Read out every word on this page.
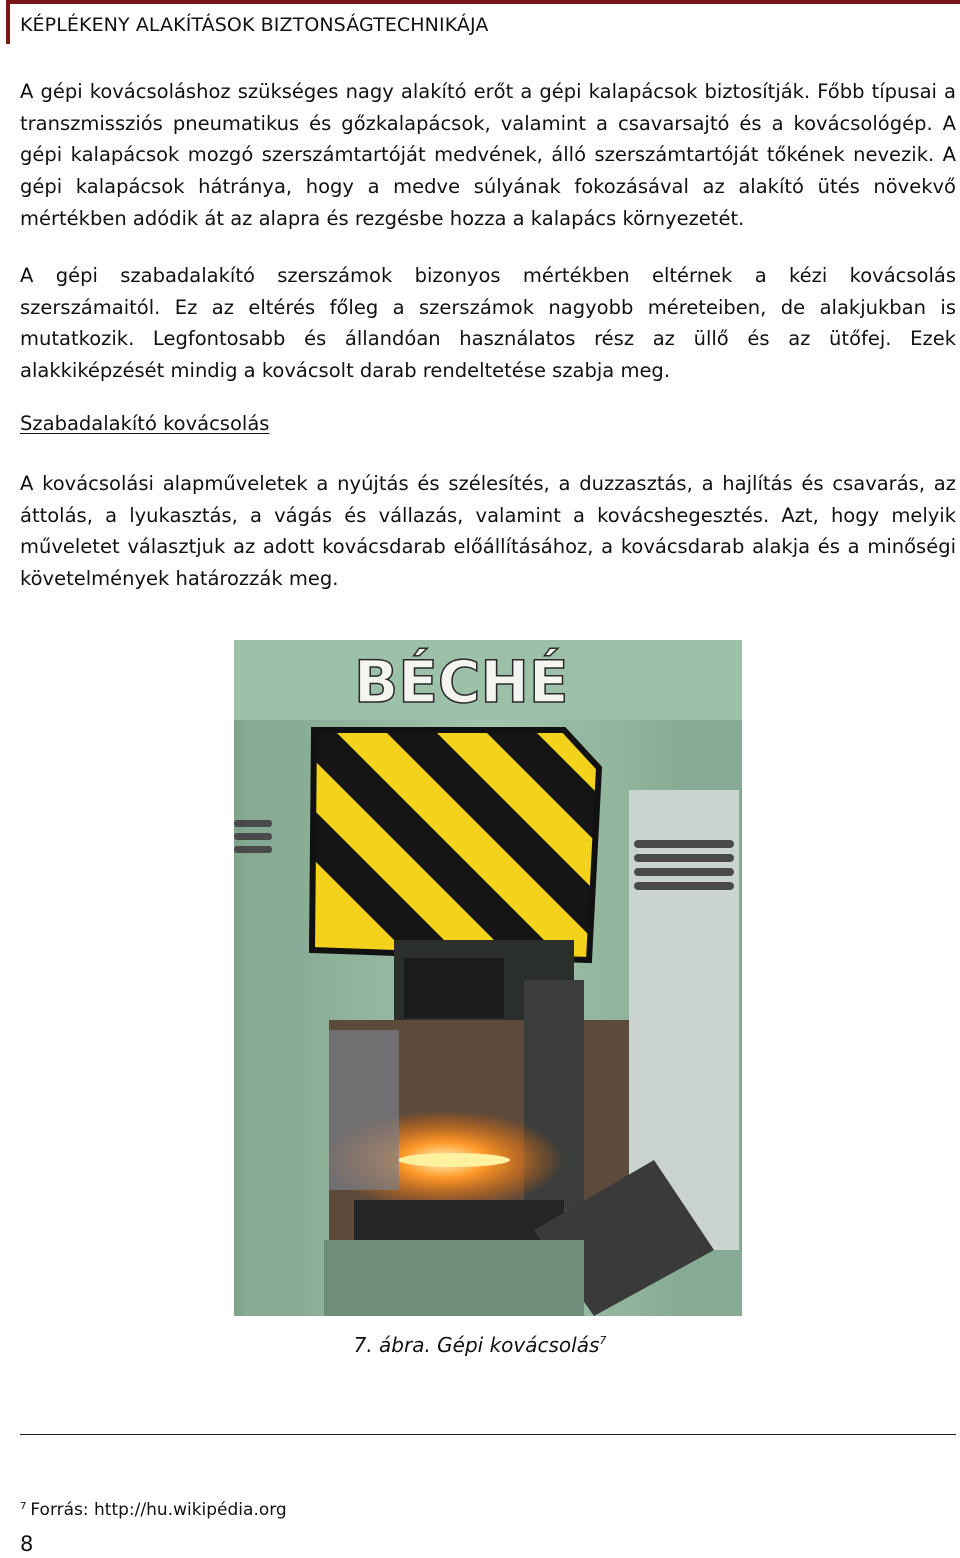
KÉPLÉKENY ALAKÍTÁSOK BIZTONSÁGTECHNIKÁJA

A gépi kovácsoláshoz szükséges nagy alakító erőt a gépi kalapácsok biztosítják. Főbb típusai a transzmissziós pneumatikus és gőzkalapácsok, valamint a csavarsajtó és a kovácsológép. A gépi kalapácsok mozgó szerszámtartóját medvének, álló szerszámtartóját tőkének nevezik. A gépi kalapácsok hátránya, hogy a medve súlyának fokozásával az alakító ütés növekvő mértékben adódik át az alapra és rezgésbe hozza a kalapács környezetét.

A gépi szabadalakító szerszámok bizonyos mértékben eltérnek a kézi kovácsolás szerszámaitól. Ez az eltérés főleg a szerszámok nagyobb méreteiben, de alakjukban is mutatkozik. Legfontosabb és állandóan használatos rész az üllő és az ütőfej. Ezek alakkiképzését mindig a kovácsolt darab rendeltetése szabja meg.

Szabadalakító kovácsolás

A kovácsolási alapműveletek a nyújtás és szélesítés, a duzzasztás, a hajlítás és csavarás, az áttolás, a lyukasztás, a vágás és vállazás, valamint a kovácshegesztés. Azt, hogy melyik műveletet választjuk az adott kovácsdarab előállításához, a kovácsdarab alakja és a minőségi követelmények határozzák meg.

BÉCHÉ
7. ábra. Gépi kovácsolás$^7$
$^7$ Forrás: http://hu.wikipédia.org
8
